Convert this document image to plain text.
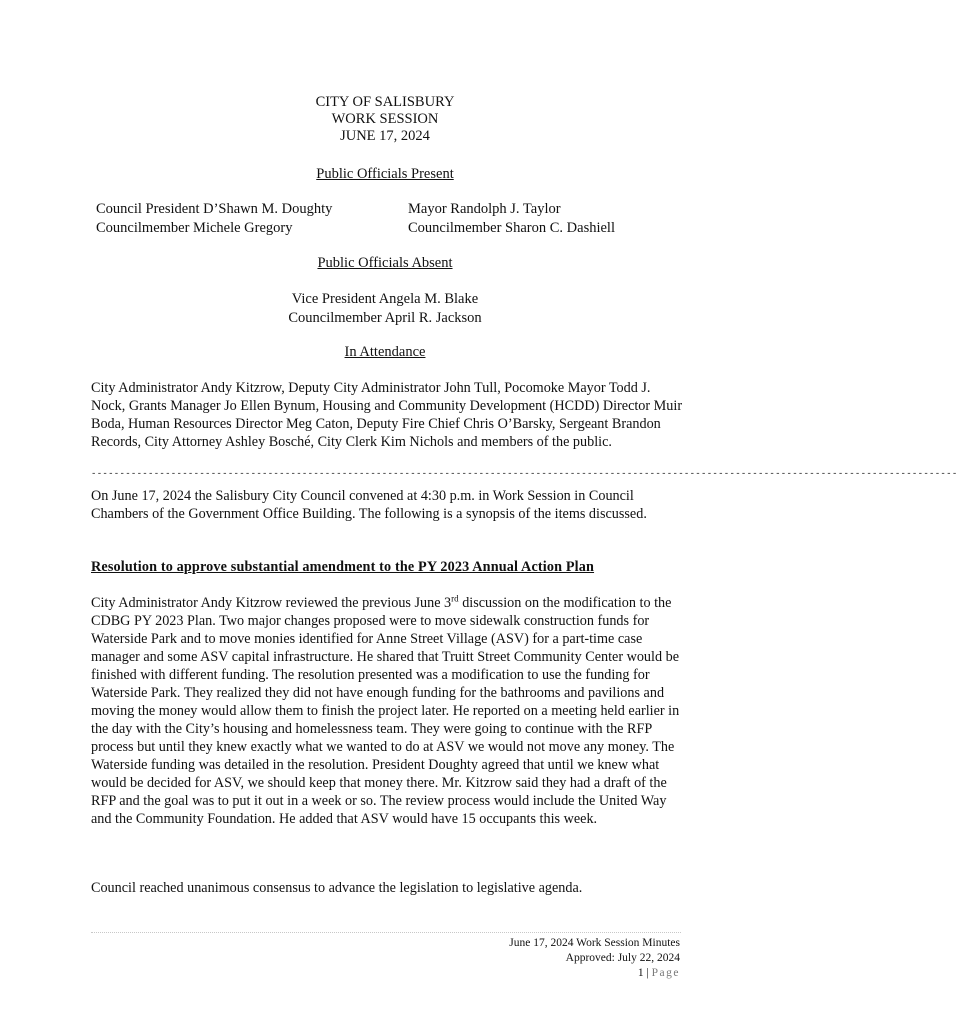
CITY OF SALISBURY
WORK SESSION
JUNE 17, 2024
Public Officials Present
Council President D’Shawn M. Doughty
Councilmember Michele Gregory
Mayor Randolph J. Taylor
Councilmember Sharon C. Dashiell
Public Officials Absent
Vice President Angela M. Blake
Councilmember April R. Jackson
In Attendance
City Administrator Andy Kitzrow, Deputy City Administrator John Tull, Pocomoke Mayor Todd J. Nock, Grants Manager Jo Ellen Bynum, Housing and Community Development (HCDD) Director Muir Boda, Human Resources Director Meg Caton, Deputy Fire Chief Chris O’Barsky, Sergeant Brandon Records, City Attorney Ashley Bosché, City Clerk Kim Nichols and members of the public.
--------------------------------------------------------------------------------------------------------------------------------------------------------
On June 17, 2024 the Salisbury City Council convened at 4:30 p.m. in Work Session in Council Chambers of the Government Office Building. The following is a synopsis of the items discussed.
Resolution to approve substantial amendment to the PY 2023 Annual Action Plan
City Administrator Andy Kitzrow reviewed the previous June 3rd discussion on the modification to the CDBG PY 2023 Plan. Two major changes proposed were to move sidewalk construction funds for Waterside Park and to move monies identified for Anne Street Village (ASV) for a part-time case manager and some ASV capital infrastructure. He shared that Truitt Street Community Center would be finished with different funding. The resolution presented was a modification to use the funding for Waterside Park. They realized they did not have enough funding for the bathrooms and pavilions and moving the money would allow them to finish the project later. He reported on a meeting held earlier in the day with the City’s housing and homelessness team. They were going to continue with the RFP process but until they knew exactly what we wanted to do at ASV we would not move any money. The Waterside funding was detailed in the resolution. President Doughty agreed that until we knew what would be decided for ASV, we should keep that money there. Mr. Kitzrow said they had a draft of the RFP and the goal was to put it out in a week or so. The review process would include the United Way and the Community Foundation. He added that ASV would have 15 occupants this week.
Council reached unanimous consensus to advance the legislation to legislative agenda.
June 17, 2024 Work Session Minutes
Approved: July 22, 2024
1 | Page
